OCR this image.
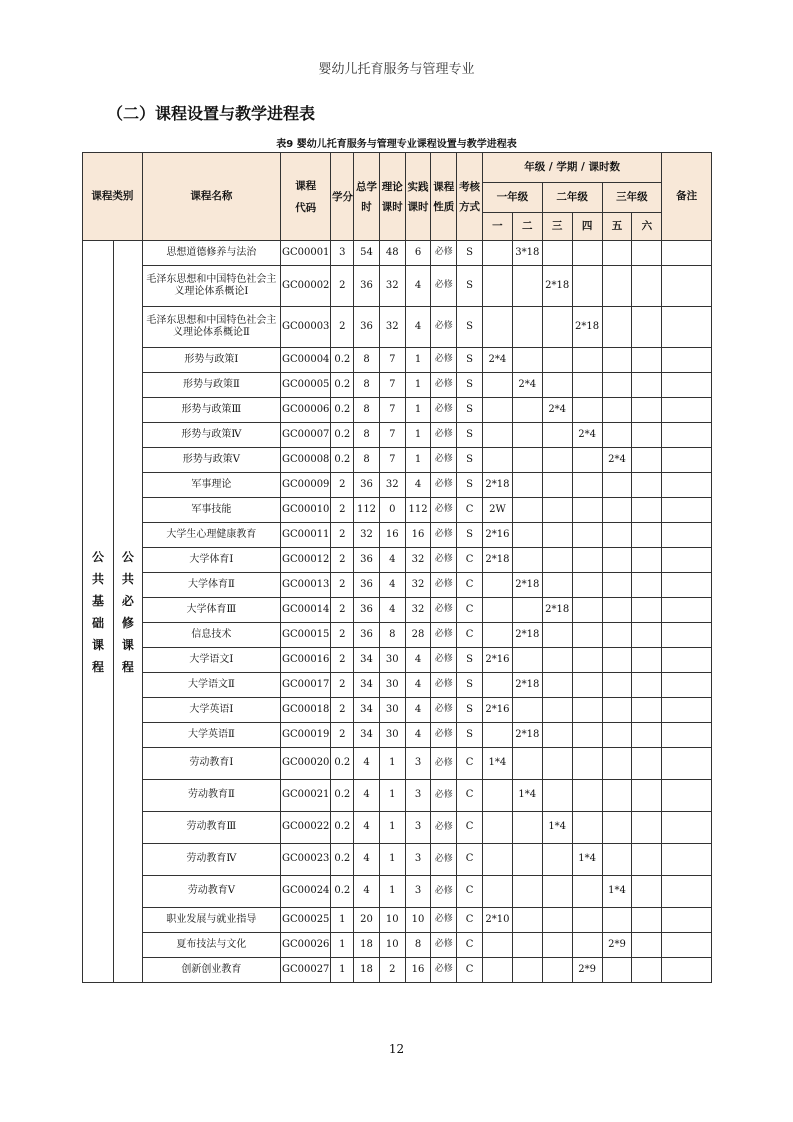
婴幼儿托育服务与管理专业
（二）课程设置与教学进程表
表9 婴幼儿托育服务与管理专业课程设置与教学进程表
课程类别		课程名称	课程代码	学分	总学时	理论课时	实践课时	课程性质	考核方式	年级 / 学期 / 课时数						备注
										一年级		二年级		三年级		
										一	二	三	四	五	六	
公共基础课程	公共必修课程	思想道德修养与法治	GC00001	3	54	48	6	必修	S		3*18					
		毛泽东思想和中国特色社会主义理论体系概论Ⅰ	GC00002	2	36	32	4	必修	S			2*18				
		毛泽东思想和中国特色社会主义理论体系概论Ⅱ	GC00003	2	36	32	4	必修	S				2*18			
		形势与政策Ⅰ	GC00004	0.2	8	7	1	必修	S	2*4						
		形势与政策Ⅱ	GC00005	0.2	8	7	1	必修	S		2*4					
		形势与政策Ⅲ	GC00006	0.2	8	7	1	必修	S			2*4				
		形势与政策Ⅳ	GC00007	0.2	8	7	1	必修	S				2*4			
		形势与政策Ⅴ	GC00008	0.2	8	7	1	必修	S					2*4		
		军事理论	GC00009	2	36	32	4	必修	S	2*18						
		军事技能	GC00010	2	112	0	112	必修	C	2W						
		大学生心理健康教育	GC00011	2	32	16	16	必修	S	2*16						
		大学体育Ⅰ	GC00012	2	36	4	32	必修	C	2*18						
		大学体育Ⅱ	GC00013	2	36	4	32	必修	C		2*18					
		大学体育Ⅲ	GC00014	2	36	4	32	必修	C			2*18				
		信息技术	GC00015	2	36	8	28	必修	C		2*18					
		大学语文Ⅰ	GC00016	2	34	30	4	必修	S	2*16						
		大学语文Ⅱ	GC00017	2	34	30	4	必修	S		2*18					
		大学英语Ⅰ	GC00018	2	34	30	4	必修	S	2*16						
		大学英语Ⅱ	GC00019	2	34	30	4	必修	S		2*18					
		劳动教育Ⅰ	GC00020	0.2	4	1	3	必修	C	1*4						
		劳动教育Ⅱ	GC00021	0.2	4	1	3	必修	C		1*4					
		劳动教育Ⅲ	GC00022	0.2	4	1	3	必修	C			1*4				
		劳动教育Ⅳ	GC00023	0.2	4	1	3	必修	C				1*4			
		劳动教育Ⅴ	GC00024	0.2	4	1	3	必修	C					1*4		
		职业发展与就业指导	GC00025	1	20	10	10	必修	C	2*10						
		夏布技法与文化	GC00026	1	18	10	8	必修	C					2*9		
		创新创业教育	GC00027	1	18	2	16	必修	C				2*9			
12
